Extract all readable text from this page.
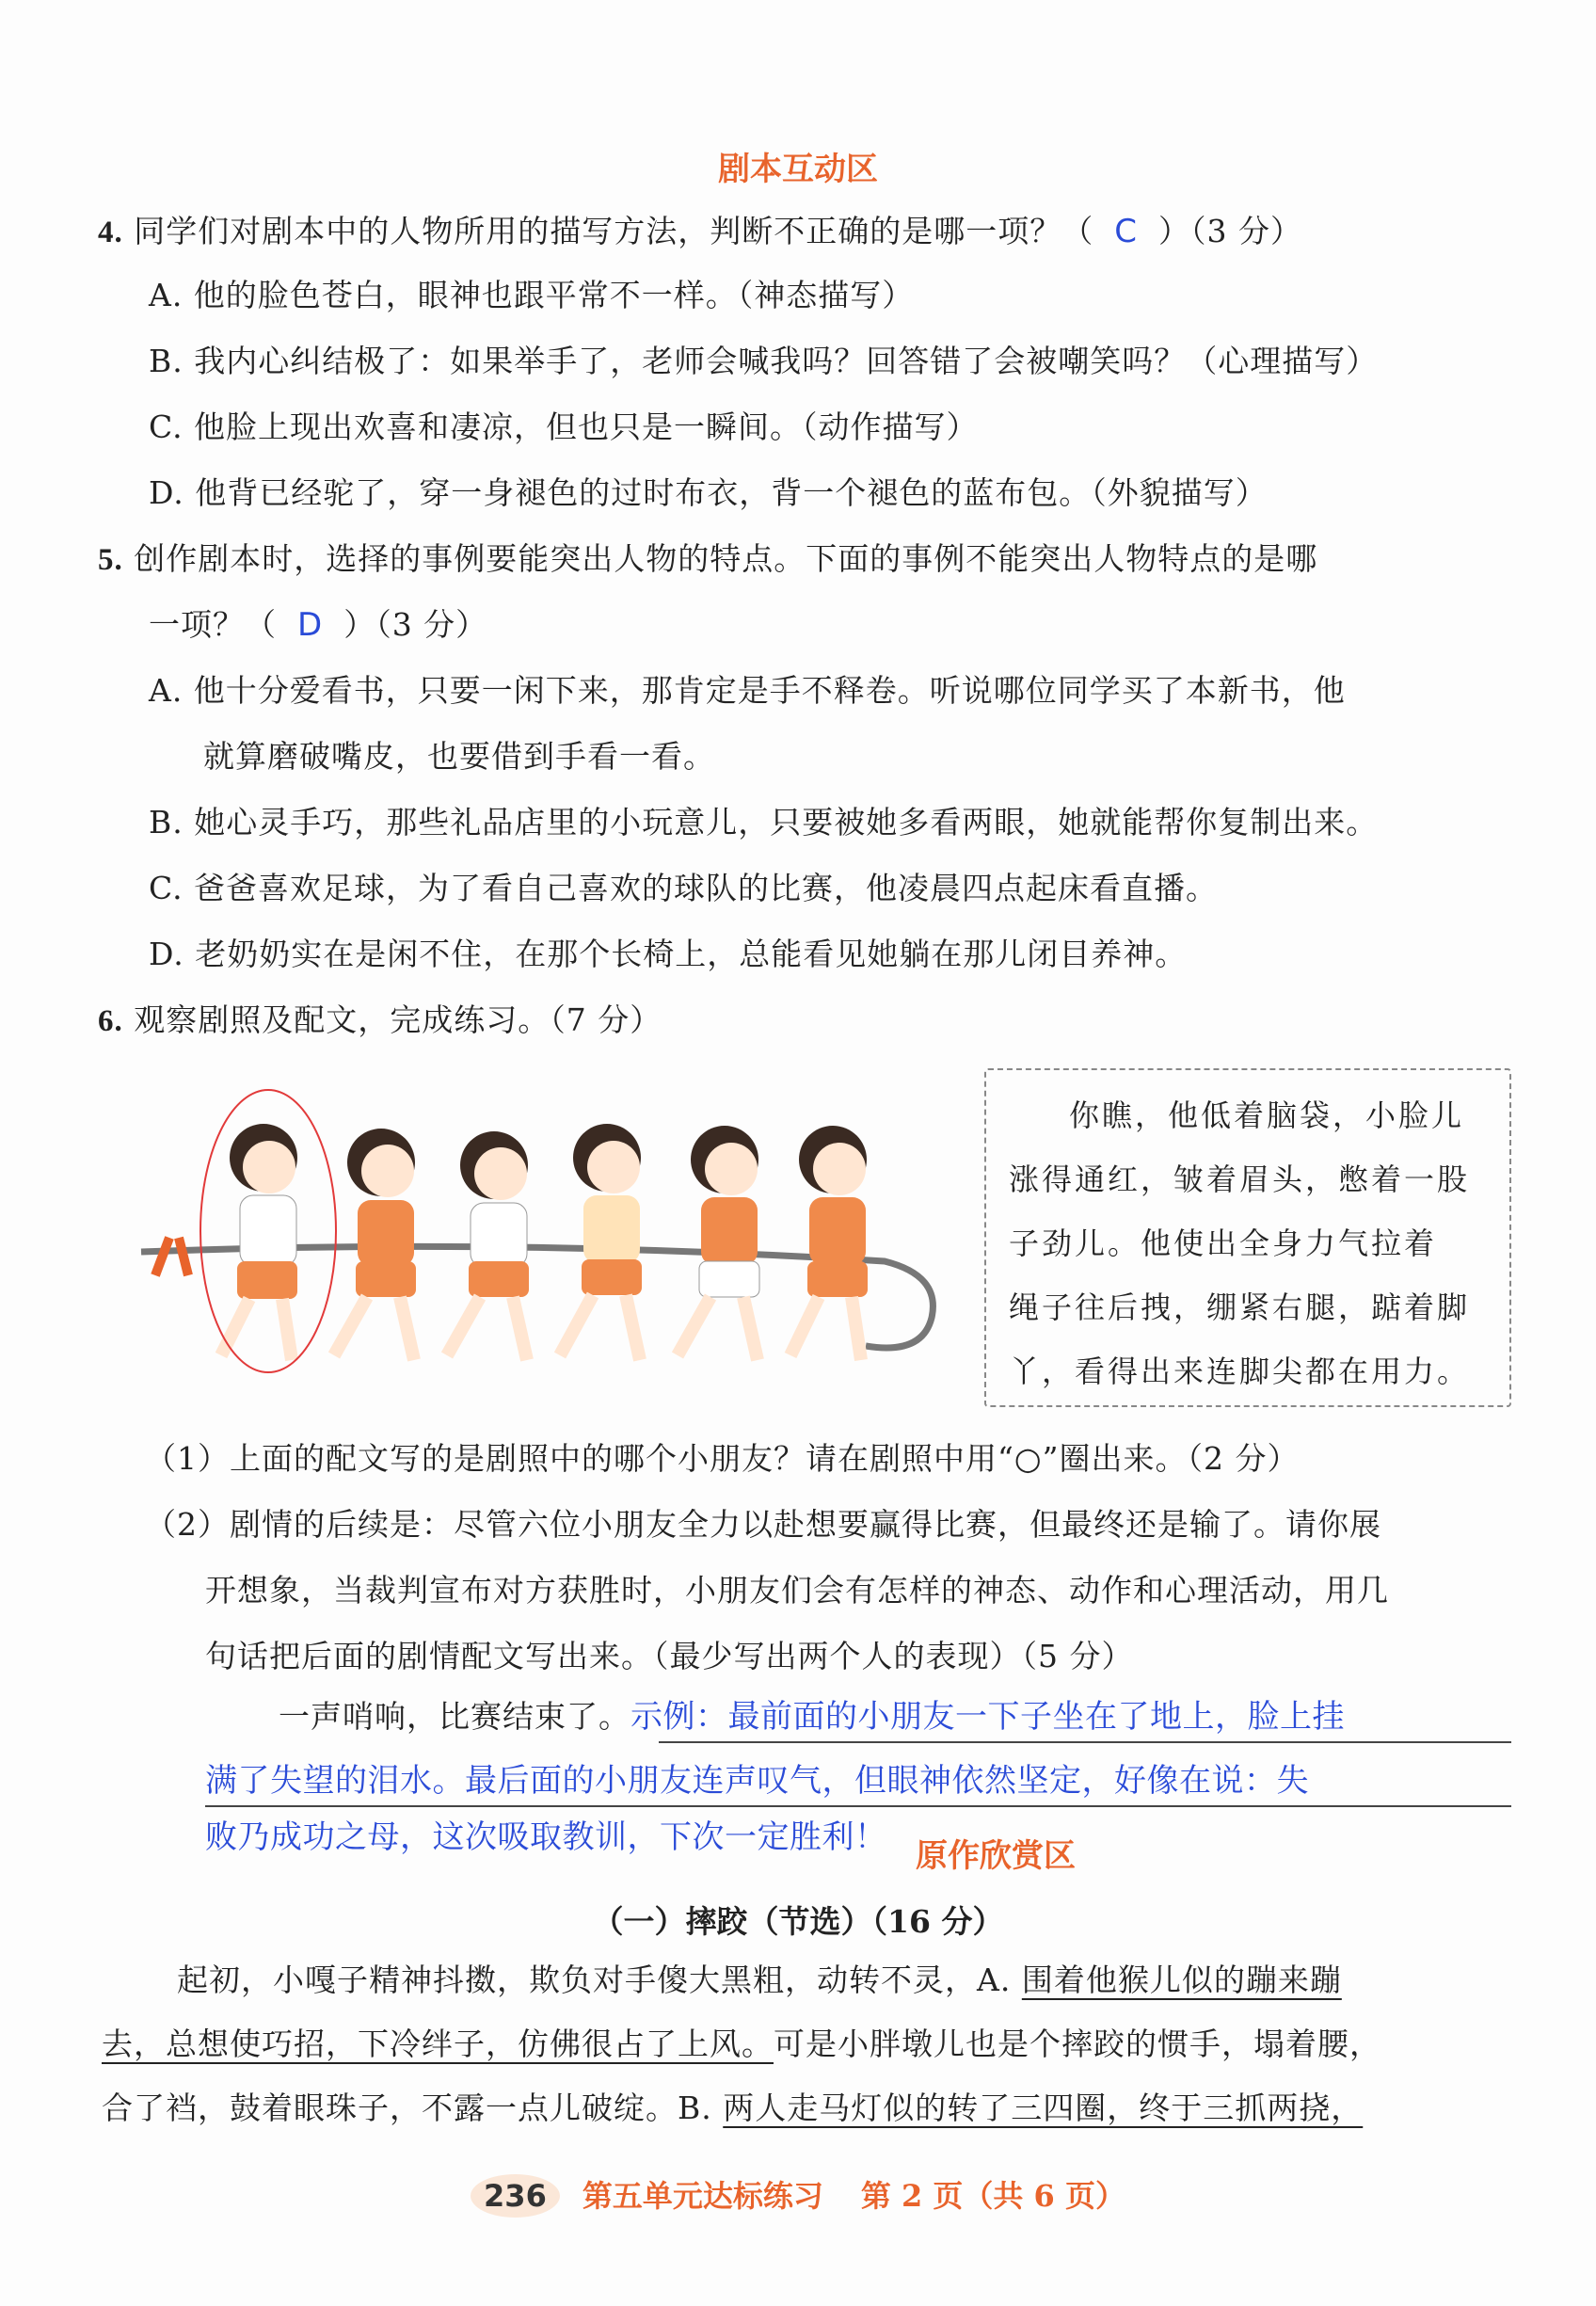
剧本互动区
4. 同学们对剧本中的人物所用的描写方法，判断不正确的是哪一项？（ C ）（3 分）
A. 他的脸色苍白，眼神也跟平常不一样。（神态描写）
B. 我内心纠结极了：如果举手了，老师会喊我吗？回答错了会被嘲笑吗？（心理描写）
C. 他脸上现出欢喜和凄凉，但也只是一瞬间。（动作描写）
D. 他背已经驼了，穿一身褪色的过时布衣，背一个褪色的蓝布包。（外貌描写）
5. 创作剧本时，选择的事例要能突出人物的特点。下面的事例不能突出人物特点的是哪
一项？（ D ）（3 分）
A. 他十分爱看书，只要一闲下来，那肯定是手不释卷。听说哪位同学买了本新书，他
就算磨破嘴皮，也要借到手看一看。
B. 她心灵手巧，那些礼品店里的小玩意儿，只要被她多看两眼，她就能帮你复制出来。
C. 爸爸喜欢足球，为了看自己喜欢的球队的比赛，他凌晨四点起床看直播。
D. 老奶奶实在是闲不住，在那个长椅上，总能看见她躺在那儿闭目养神。
6. 观察剧照及配文，完成练习。（7 分）
你瞧，他低着脑袋，小脸儿
涨得通红，皱着眉头，憋着一股
子劲儿。他使出全身力气拉着
绳子往后拽，绷紧右腿，踮着脚
丫，看得出来连脚尖都在用力。
（1）上面的配文写的是剧照中的哪个小朋友？请在剧照中用“○”圈出来。（2 分）
（2）剧情的后续是：尽管六位小朋友全力以赴想要赢得比赛，但最终还是输了。请你展
开想象，当裁判宣布对方获胜时，小朋友们会有怎样的神态、动作和心理活动，用几
句话把后面的剧情配文写出来。（最少写出两个人的表现）（5 分）
一声哨响，比赛结束了。示例：最前面的小朋友一下子坐在了地上，脸上挂
满了失望的泪水。最后面的小朋友连声叹气，但眼神依然坚定，好像在说：失
败乃成功之母，这次吸取教训，下次一定胜利！ 原作欣赏区
（一）摔跤（节选）（16 分）
起初，小嘎子精神抖擞，欺负对手傻大黑粗，动转不灵，A. 围着他猴儿似的蹦来蹦
去，总想使巧招，下冷绊子，仿佛很占了上风。可是小胖墩儿也是个摔跤的惯手，塌着腰，
合了裆，鼓着眼珠子，不露一点儿破绽。B. 两人走马灯似的转了三四圈，终于三抓两挠，
236 第五单元达标练习 第 2 页（共 6 页）
